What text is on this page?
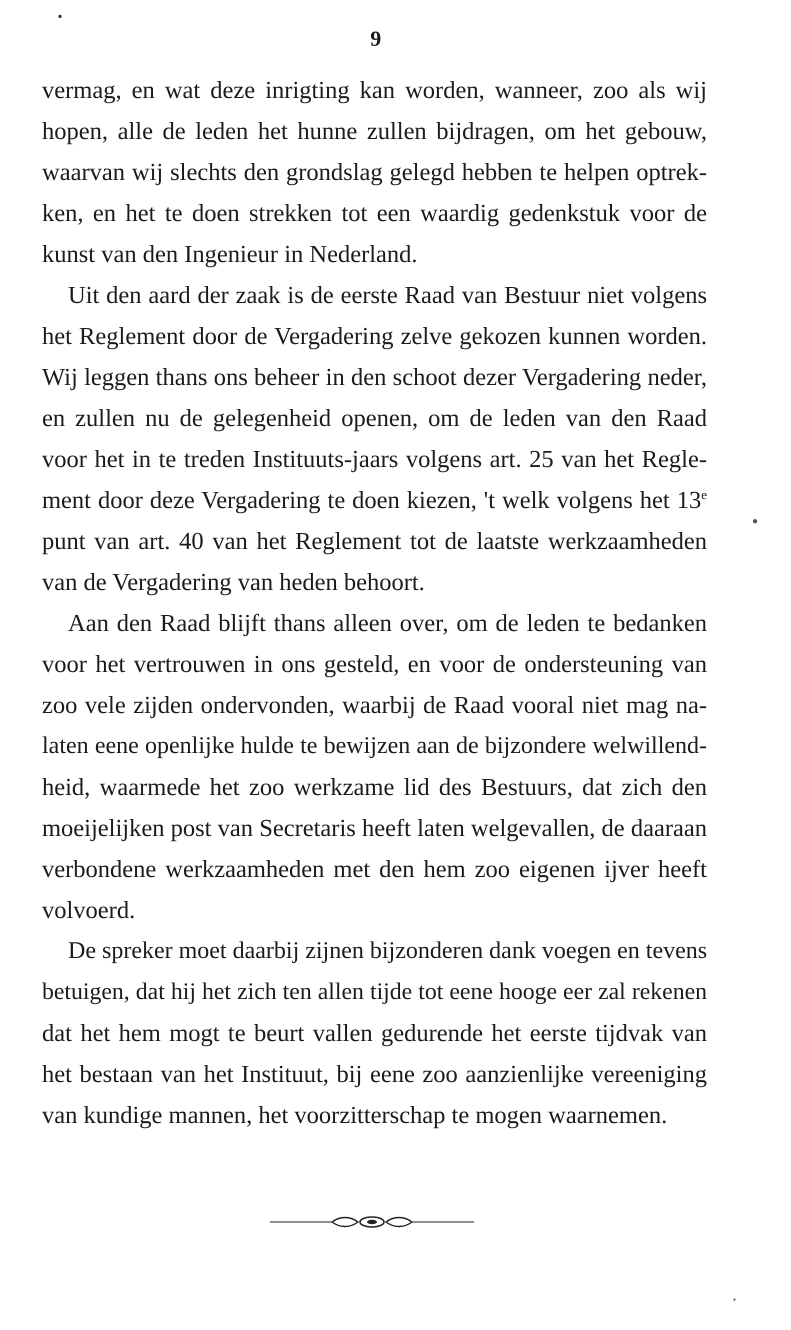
•
●
●
9
vermag, en wat deze inrigting kan worden, wanneer, zoo als wij
hopen, alle de leden het hunne zullen bijdragen, om het gebouw,
waarvan wij slechts den grondslag gelegd hebben te helpen optrek-
ken, en het te doen strekken tot een waardig gedenkstuk voor de
kunst van den Ingenieur in Nederland.
Uit den aard der zaak is de eerste Raad van Bestuur niet volgens
het Reglement door de Vergadering zelve gekozen kunnen worden.
Wij leggen thans ons beheer in den schoot dezer Vergadering neder,
en zullen nu de gelegenheid openen, om de leden van den Raad
voor het in te treden Instituuts-jaars volgens art. 25 van het Regle-
ment door deze Vergadering te doen kiezen, 't welk volgens het 13e
punt van art. 40 van het Reglement tot de laatste werkzaamheden
van de Vergadering van heden behoort.
Aan den Raad blijft thans alleen over, om de leden te bedanken
voor het vertrouwen in ons gesteld, en voor de ondersteuning van
zoo vele zijden ondervonden, waarbij de Raad vooral niet mag na-
laten eene openlijke hulde te bewijzen aan de bijzondere welwillend-
heid, waarmede het zoo werkzame lid des Bestuurs, dat zich den
moeijelijken post van Secretaris heeft laten welgevallen, de daaraan
verbondene werkzaamheden met den hem zoo eigenen ijver heeft
volvoerd.
De spreker moet daarbij zijnen bijzonderen dank voegen en tevens
betuigen, dat hij het zich ten allen tijde tot eene hooge eer zal rekenen
dat het hem mogt te beurt vallen gedurende het eerste tijdvak van
het bestaan van het Instituut, bij eene zoo aanzienlijke vereeniging
van kundige mannen, het voorzitterschap te mogen waarnemen.
